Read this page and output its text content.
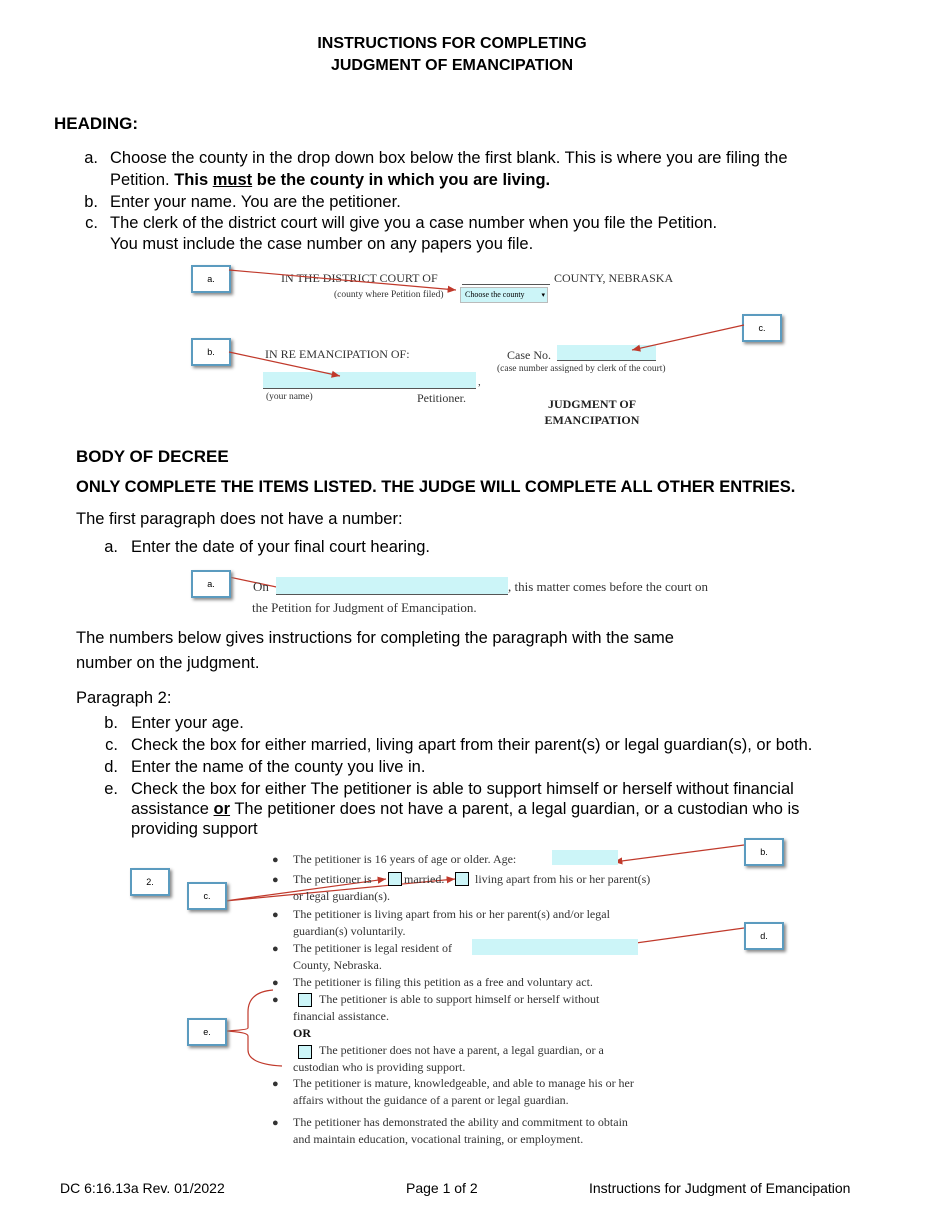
INSTRUCTIONS FOR COMPLETING
JUDGMENT OF EMANCIPATION
HEADING:
a. Choose the county in the drop down box below the first blank. This is where you are filing the
Petition. This must be the county in which you are living.
b. Enter your name. You are the petitioner.
c. The clerk of the district court will give you a case number when you file the Petition.
You must include the case number on any papers you file.
a.
b.
c.
IN THE DISTRICT COURT OF	COUNTY, NEBRASKA
(county where Petition filed)	Choose the county ▾
IN RE EMANCIPATION OF:	Case No.
(case number assigned by clerk of the court)
,
(your name)	Petitioner.	JUDGMENT OF
EMANCIPATION
BODY OF DECREE
ONLY COMPLETE THE ITEMS LISTED. THE JUDGE WILL COMPLETE ALL OTHER ENTRIES.
The first paragraph does not have a number:
a. Enter the date of your final court hearing.
a.	On	, this matter comes before the court on
the Petition for Judgment of Emancipation.
The numbers below gives instructions for completing the paragraph with the same
number on the judgment.
Paragraph 2:
b. Enter your age.
c. Check the box for either married, living apart from their parent(s) or legal guardian(s), or both.
d. Enter the name of the county you live in.
e. Check the box for either The petitioner is able to support himself or herself without financial
assistance or The petitioner does not have a parent, a legal guardian, or a custodian who is
providing support
b.
2.
c.
d.
e.
● The petitioner is 16 years of age or older. Age:
● The petitioner is	married.	living apart from his or her parent(s)
or legal guardian(s).
● The petitioner is living apart from his or her parent(s) and/or legal
guardian(s) voluntarily.
● The petitioner is legal resident of
County, Nebraska.
● The petitioner is filing this petition as a free and voluntary act.
●	The petitioner is able to support himself or herself without
financial assistance.
OR
The petitioner does not have a parent, a legal guardian, or a
custodian who is providing support.
● The petitioner is mature, knowledgeable, and able to manage his or her
affairs without the guidance of a parent or legal guardian.
● The petitioner has demonstrated the ability and commitment to obtain
and maintain education, vocational training, or employment.
DC 6:16.13a Rev. 01/2022	Page 1 of 2	Instructions for Judgment of Emancipation
